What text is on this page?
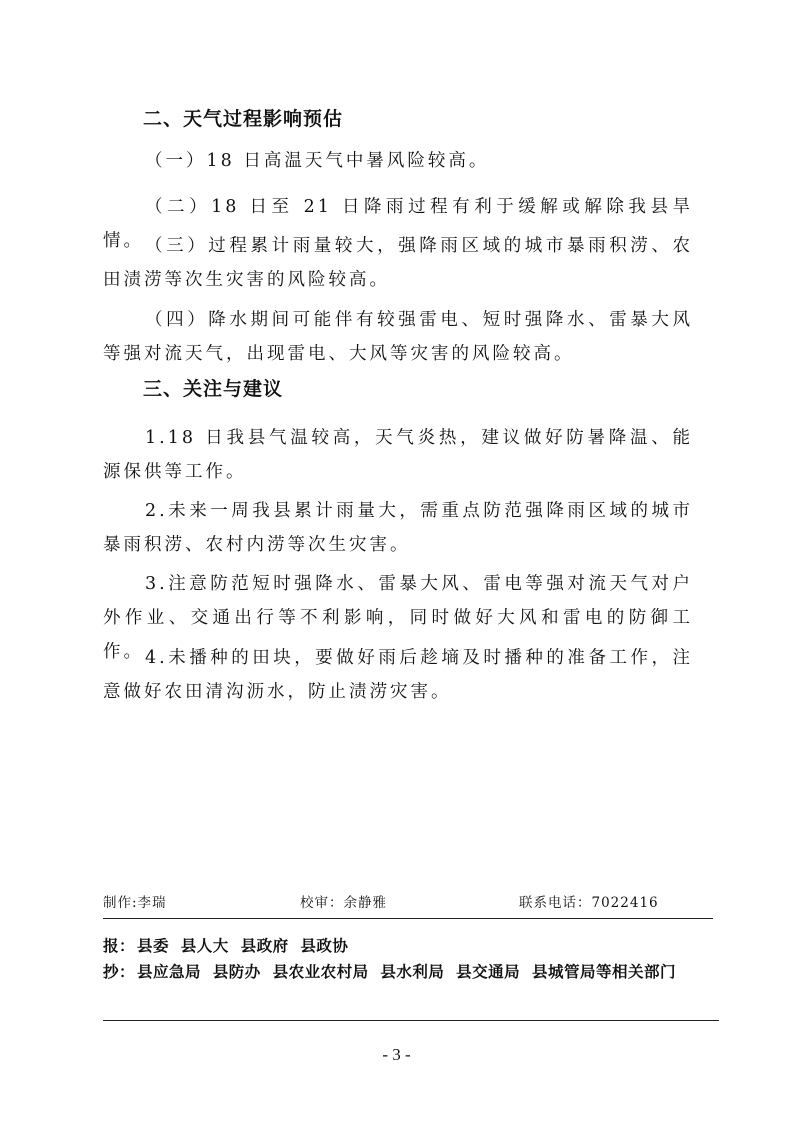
二、天气过程影响预估
（一）18 日高温天气中暑风险较高。
（二）18 日至 21 日降雨过程有利于缓解或解除我县旱情。 （三）过程累计雨量较大，强降雨区域的城市暴雨积涝、农田渍涝等次生灾害的风险较高。
（四）降水期间可能伴有较强雷电、短时强降水、雷暴大风等强对流天气，出现雷电、大风等灾害的风险较高。
三、关注与建议
1.18 日我县气温较高，天气炎热，建议做好防暑降温、能源保供等工作。
2.未来一周我县累计雨量大，需重点防范强降雨区域的城市暴雨积涝、农村内涝等次生灾害。
3.注意防范短时强降水、雷暴大风、雷电等强对流天气对户外作业、交通出行等不利影响，同时做好大风和雷电的防御工作。 4.未播种的田块，要做好雨后趁墒及时播种的准备工作，注意做好农田清沟沥水，防止渍涝灾害。
制作:李瑞	校审：余静雅	联系电话：7022416
报： 县委  县人大  县政府  县政协
抄： 县应急局  县防办  县农业农村局  县水利局  县交通局  县城管局等相关部门
- 3 -
